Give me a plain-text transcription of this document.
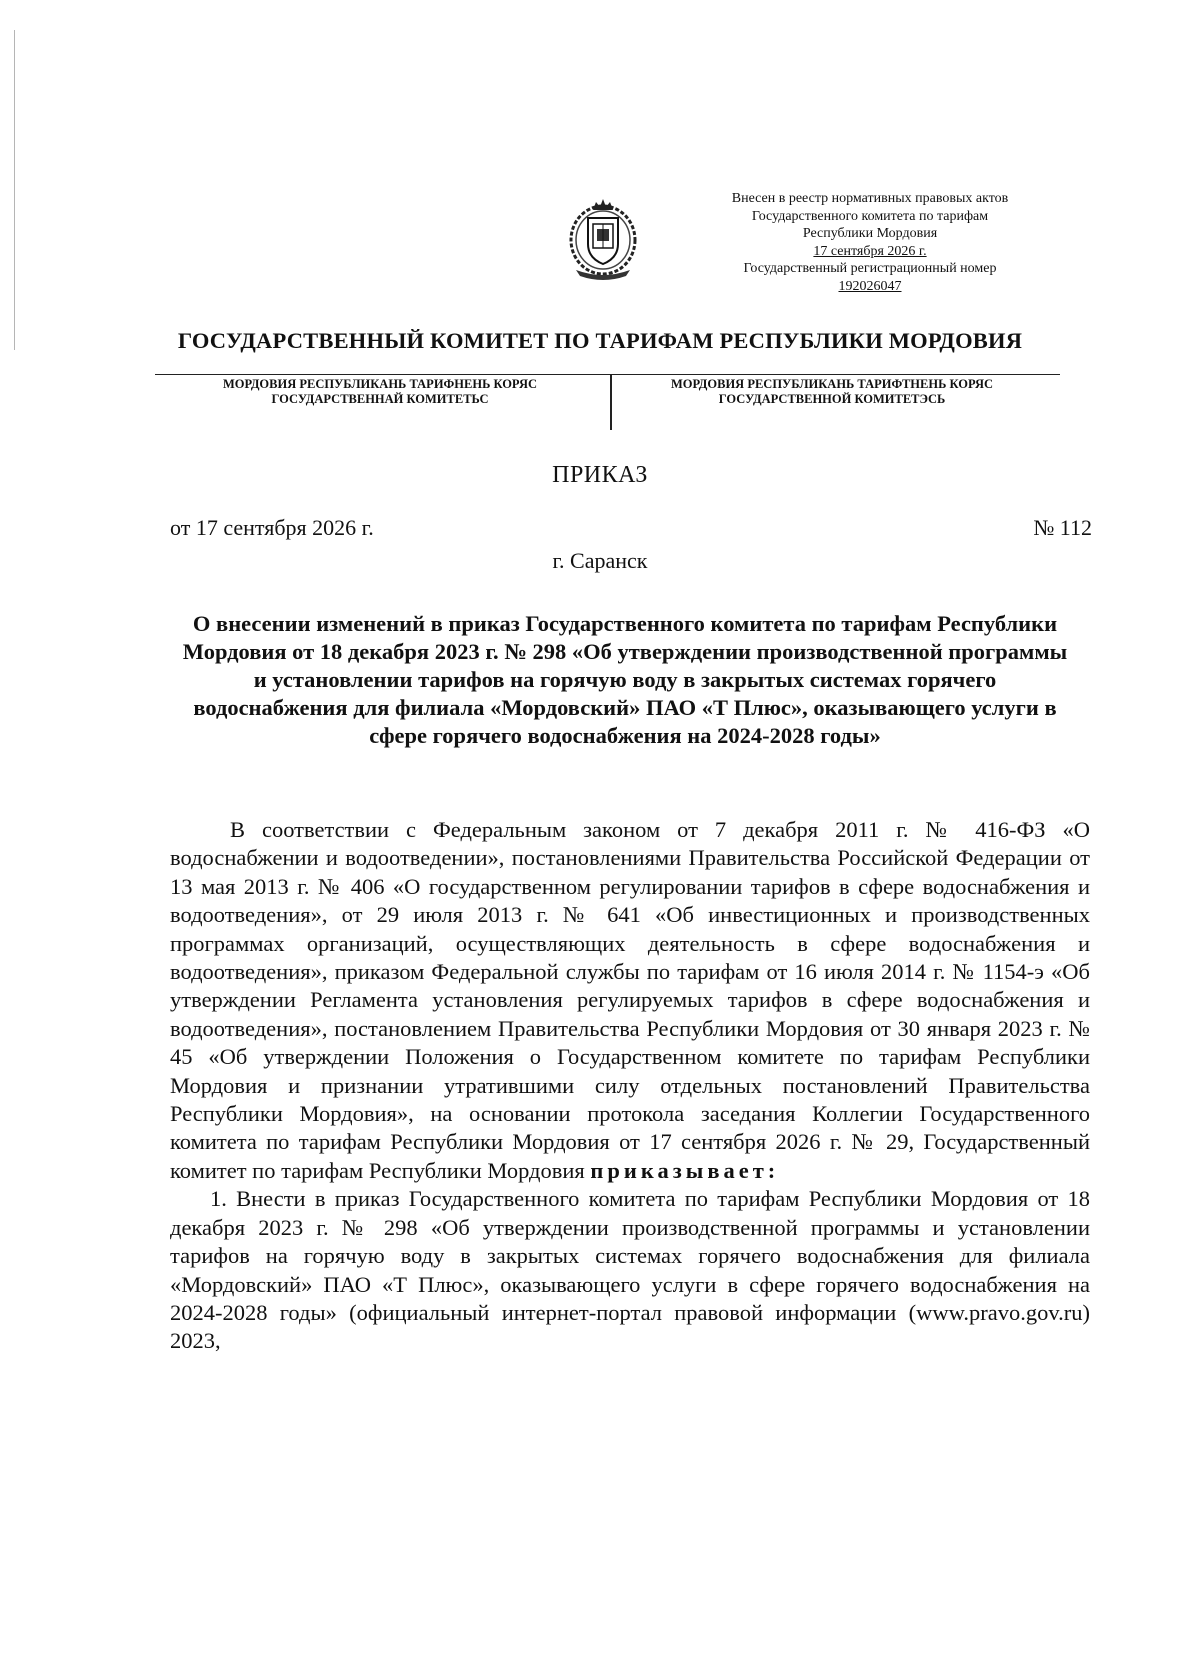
Внесен в реестр нормативных правовых актов
Государственного комитета по тарифам
Республики Мордовия
17 сентября 2026 г.
Государственный регистрационный номер
192026047
ГОСУДАРСТВЕННЫЙ КОМИТЕТ ПО ТАРИФАМ РЕСПУБЛИКИ МОРДОВИЯ
МОРДОВИЯ РЕСПУБЛИКАНЬ ТАРИФНЕНЬ КОРЯС
ГОСУДАРСТВЕННАЙ КОМИТЕТЬС
МОРДОВИЯ РЕСПУБЛИКАНЬ ТАРИФТНЕНЬ КОРЯС
ГОСУДАРСТВЕННОЙ КОМИТЕТЭСЬ
ПРИКАЗ
от 17 сентября 2026 г.	№ 112
г. Саранск
О внесении изменений в приказ Государственного комитета по тарифам Республики Мордовия от 18 декабря 2023 г. № 298 «Об утверждении производственной программы и установлении тарифов на горячую воду в закрытых системах горячего водоснабжения для филиала «Мордовский» ПАО «Т Плюс», оказывающего услуги в сфере горячего водоснабжения на 2024-2028 годы»

В соответствии с Федеральным законом от 7 декабря 2011 г. № 416-ФЗ «О водоснабжении и водоотведении», постановлениями Правительства Российской Федерации от 13 мая 2013 г. № 406 «О государственном регулировании тарифов в сфере водоснабжения и водоотведения», от 29 июля 2013 г. № 641 «Об инвестиционных и производственных программах организаций, осуществляющих деятельность в сфере водоснабжения и водоотведения», приказом Федеральной службы по тарифам от 16 июля 2014 г. № 1154-э «Об утверждении Регламента установления регулируемых тарифов в сфере водоснабжения и водоотведения», постановлением Правительства Республики Мордовия от 30 января 2023 г. № 45 «Об утверждении Положения о Государственном комитете по тарифам Республики Мордовия и признании утратившими силу отдельных постановлений Правительства Республики Мордовия», на основании протокола заседания Коллегии Государственного комитета по тарифам Республики Мордовия от 17 сентября 2026 г. № 29, Государственный комитет по тарифам Республики Мордовия приказывает:

1. Внести в приказ Государственного комитета по тарифам Республики Мордовия от 18 декабря 2023 г. № 298 «Об утверждении производственной программы и установлении тарифов на горячую воду в закрытых системах горячего водоснабжения для филиала «Мордовский» ПАО «Т Плюс», оказывающего услуги в сфере горячего водоснабжения на 2024-2028 годы» (официальный интернет-портал правовой информации (www.pravo.gov.ru) 2023,
